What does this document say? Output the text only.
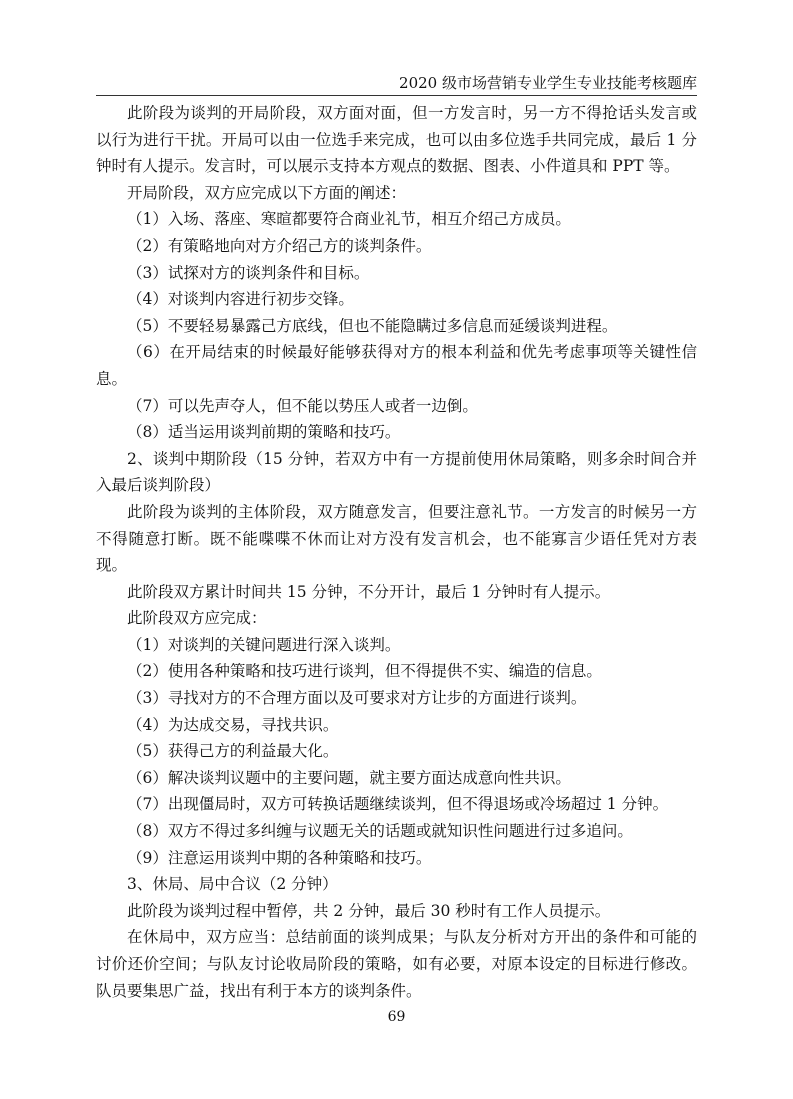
2020 级市场营销专业学生专业技能考核题库

此阶段为谈判的开局阶段，双方面对面，但一方发言时，另一方不得抢话头发言或以行为进行干扰。开局可以由一位选手来完成，也可以由多位选手共同完成，最后 1 分钟时有人提示。发言时，可以展示支持本方观点的数据、图表、小件道具和 PPT 等。

开局阶段，双方应完成以下方面的阐述：

（1）入场、落座、寒暄都要符合商业礼节，相互介绍己方成员。

（2）有策略地向对方介绍己方的谈判条件。

（3）试探对方的谈判条件和目标。

（4）对谈判内容进行初步交锋。

（5）不要轻易暴露己方底线，但也不能隐瞒过多信息而延缓谈判进程。

（6）在开局结束的时候最好能够获得对方的根本利益和优先考虑事项等关键性信息。

（7）可以先声夺人，但不能以势压人或者一边倒。

（8）适当运用谈判前期的策略和技巧。

2、谈判中期阶段（15 分钟，若双方中有一方提前使用休局策略，则多余时间合并入最后谈判阶段）

此阶段为谈判的主体阶段，双方随意发言，但要注意礼节。一方发言的时候另一方不得随意打断。既不能喋喋不休而让对方没有发言机会，也不能寡言少语任凭对方表现。

此阶段双方累计时间共 15 分钟，不分开计，最后 1 分钟时有人提示。

此阶段双方应完成：

（1）对谈判的关键问题进行深入谈判。

（2）使用各种策略和技巧进行谈判，但不得提供不实、编造的信息。

（3）寻找对方的不合理方面以及可要求对方让步的方面进行谈判。

（4）为达成交易，寻找共识。

（5）获得己方的利益最大化。

（6）解决谈判议题中的主要问题，就主要方面达成意向性共识。

（7）出现僵局时，双方可转换话题继续谈判，但不得退场或冷场超过 1 分钟。

（8）双方不得过多纠缠与议题无关的话题或就知识性问题进行过多追问。

（9）注意运用谈判中期的各种策略和技巧。

3、休局、局中合议（2 分钟）

此阶段为谈判过程中暂停，共 2 分钟，最后 30 秒时有工作人员提示。

在休局中，双方应当：总结前面的谈判成果；与队友分析对方开出的条件和可能的讨价还价空间；与队友讨论收局阶段的策略，如有必要，对原本设定的目标进行修改。队员要集思广益，找出有利于本方的谈判条件。

69
